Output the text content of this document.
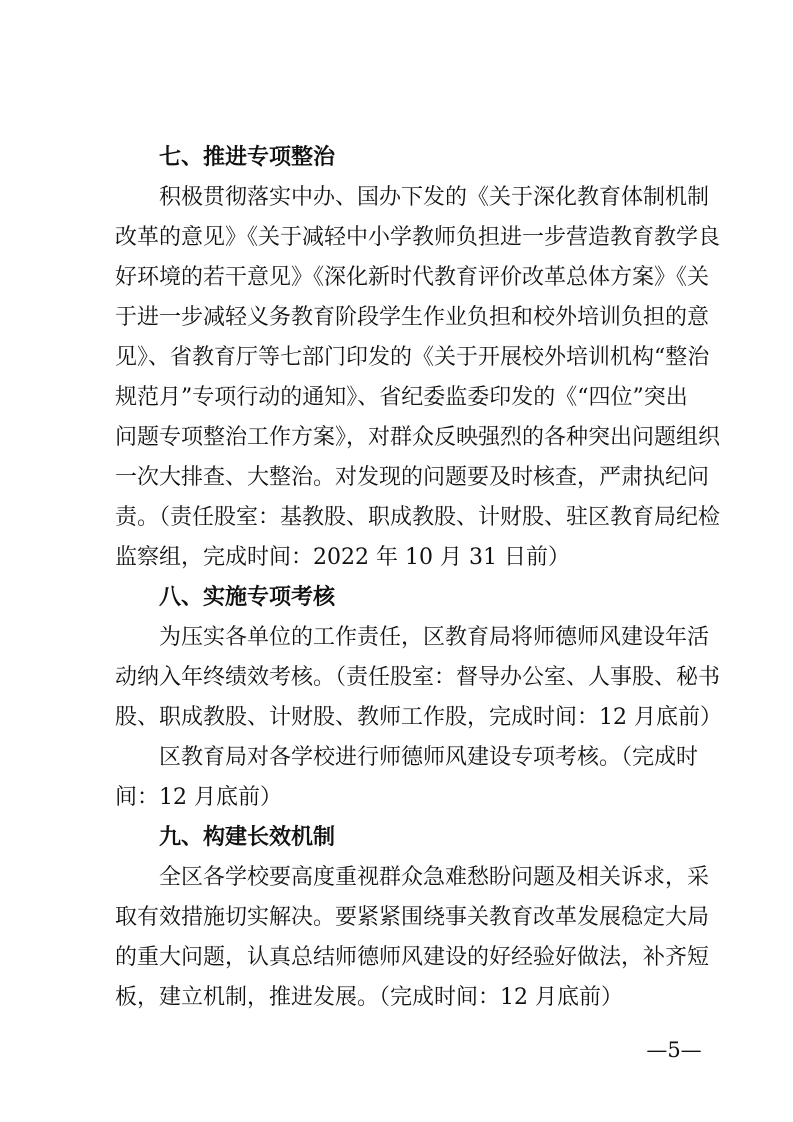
七、推进专项整治
积极贯彻落实中办、国办下发的《关于深化教育体制机制
改革的意见》《关于减轻中小学教师负担进一步营造教育教学良
好环境的若干意见》《深化新时代教育评价改革总体方案》《关
于进一步减轻义务教育阶段学生作业负担和校外培训负担的意
见》、省教育厅等七部门印发的《关于开展校外培训机构“整治
规范月”专项行动的通知》、省纪委监委印发的《“四位”突出
问题专项整治工作方案》，对群众反映强烈的各种突出问题组织
一次大排查、大整治。对发现的问题要及时核查，严肃执纪问
责。（责任股室：基教股、职成教股、计财股、驻区教育局纪检
监察组，完成时间：2022 年 10 月 31 日前）
八、实施专项考核
为压实各单位的工作责任，区教育局将师德师风建设年活
动纳入年终绩效考核。（责任股室：督导办公室、人事股、秘书
股、职成教股、计财股、教师工作股，完成时间：12 月底前）
区教育局对各学校进行师德师风建设专项考核。（完成时
间：12 月底前）
九、构建长效机制
全区各学校要高度重视群众急难愁盼问题及相关诉求，采
取有效措施切实解决。要紧紧围绕事关教育改革发展稳定大局
的重大问题，认真总结师德师风建设的好经验好做法，补齐短
板，建立机制，推进发展。（完成时间：12 月底前）
—5—
